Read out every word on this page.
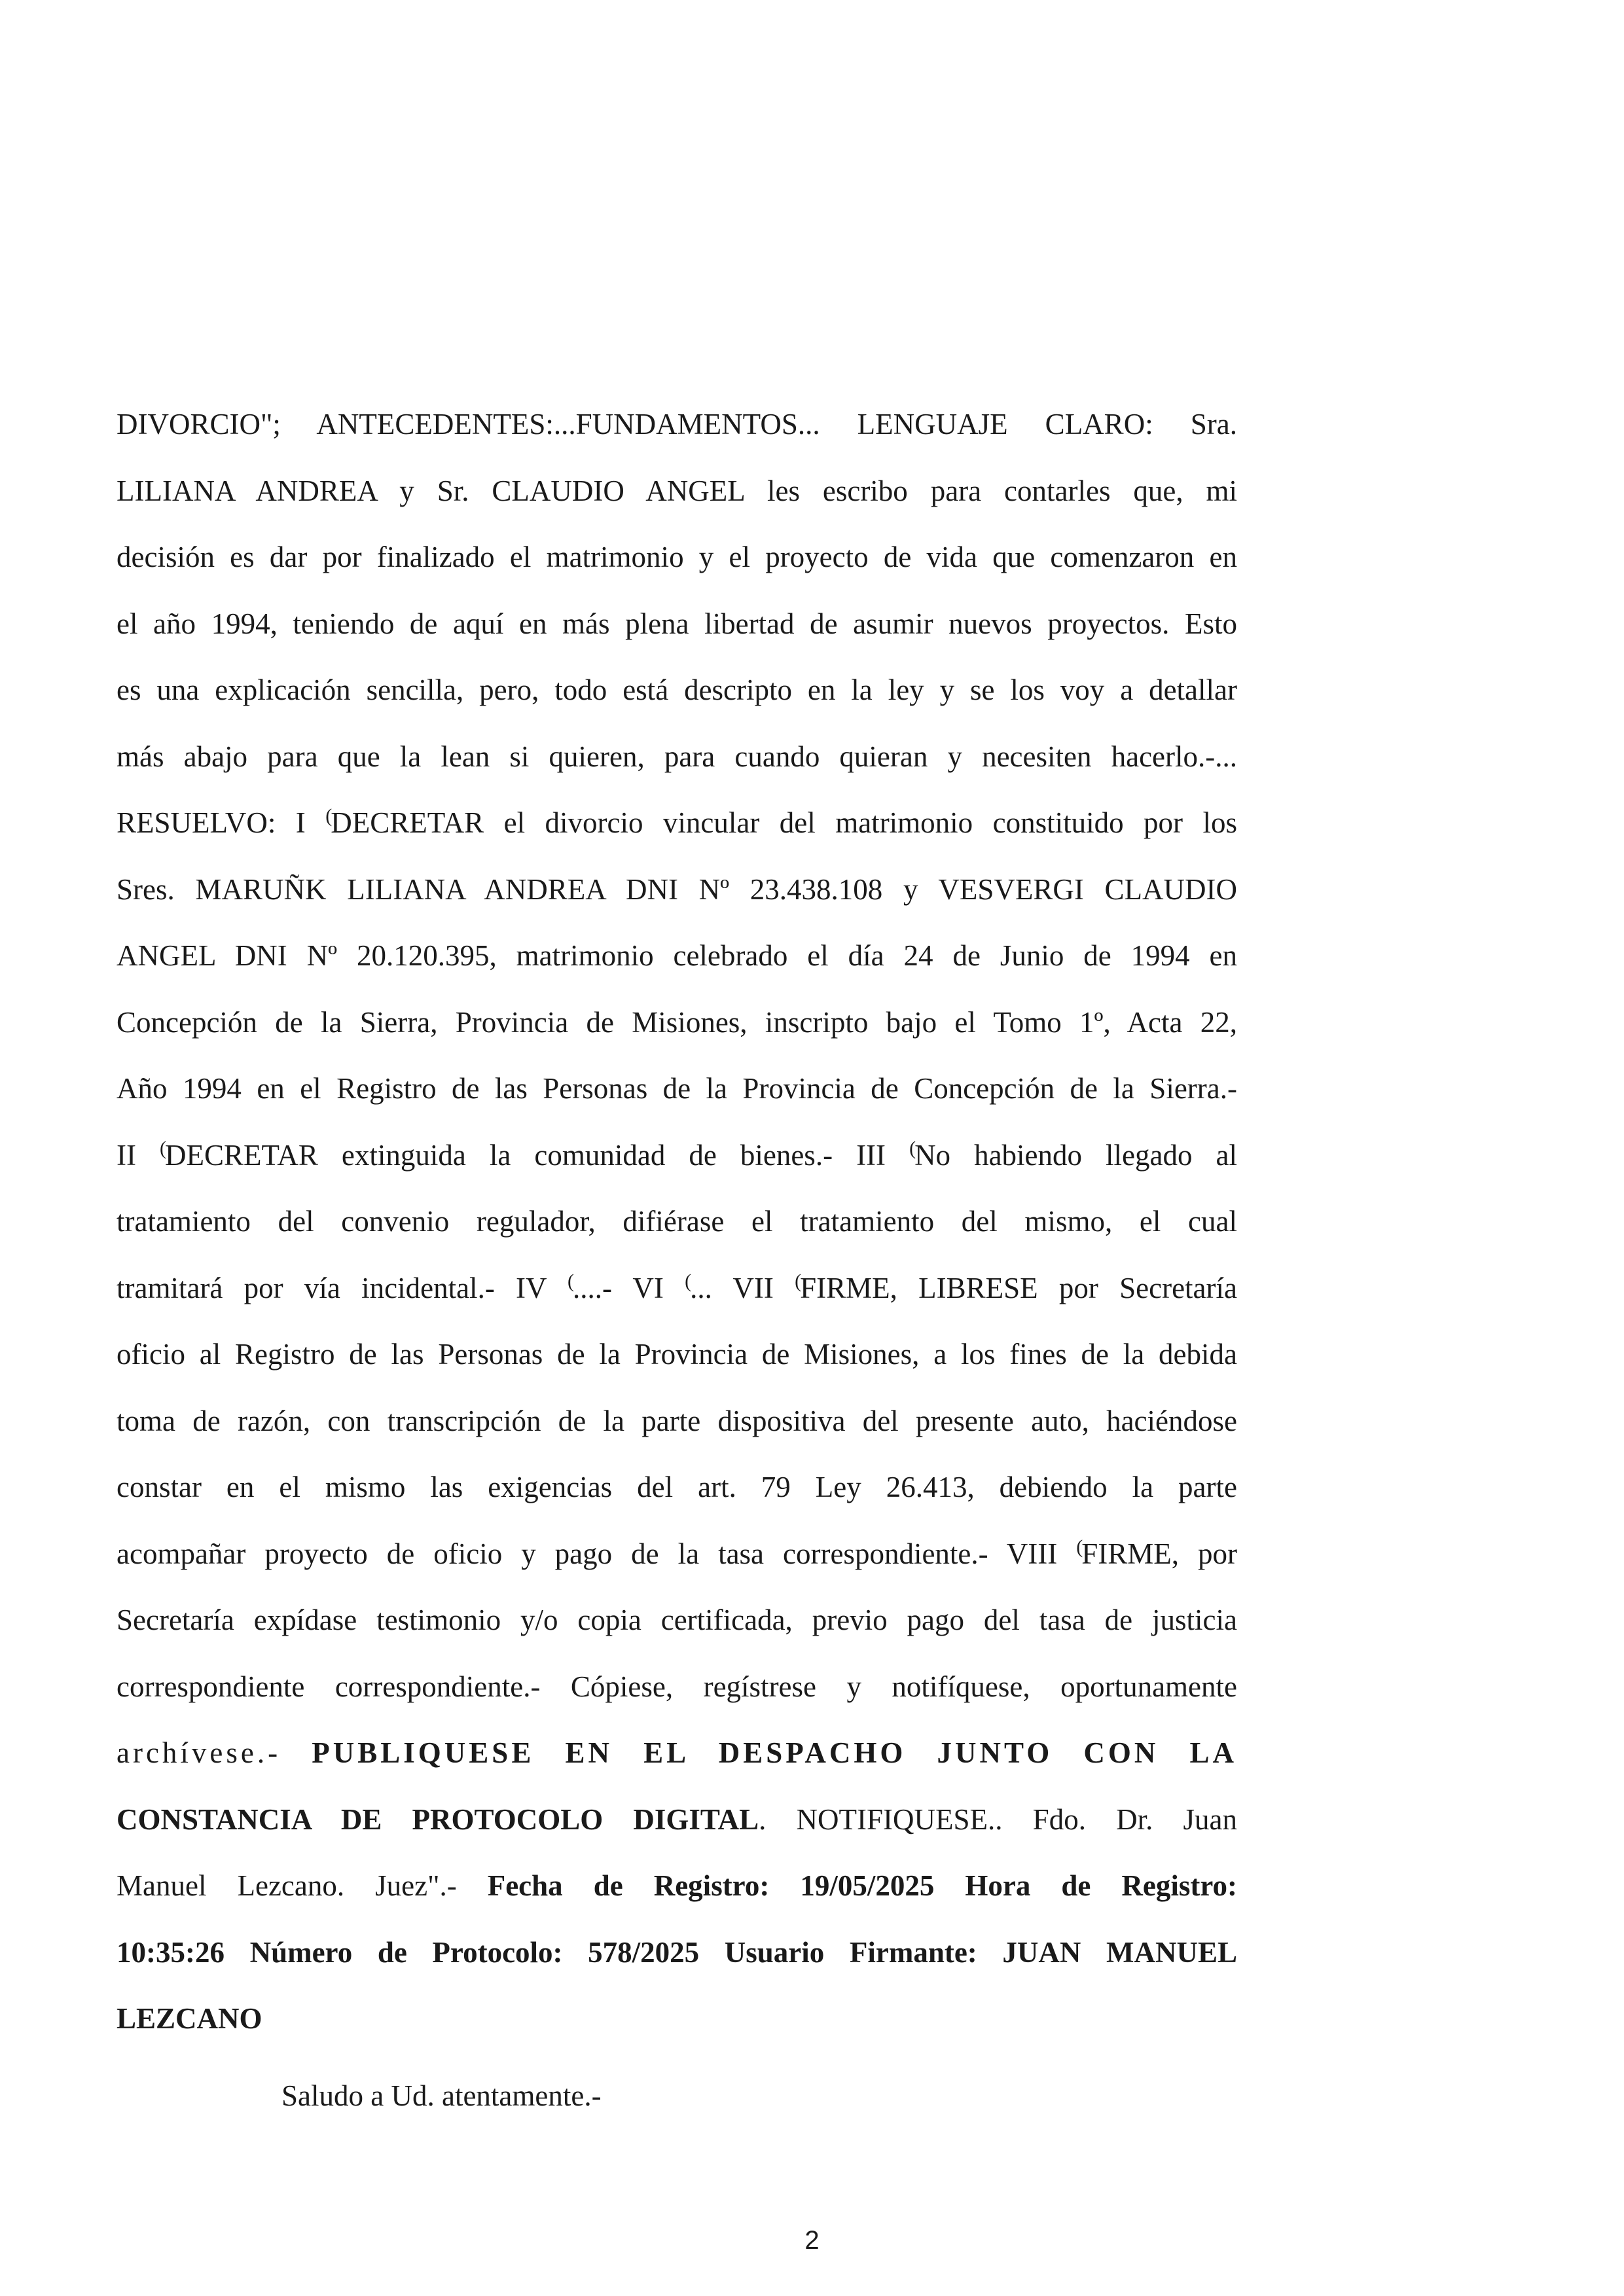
DIVORCIO"; ANTECEDENTES:...FUNDAMENTOS... LENGUAJE CLARO: Sra.
LILIANA ANDREA y Sr. CLAUDIO ANGEL les escribo para contarles que, mi
decisión es dar por finalizado el matrimonio y el proyecto de vida que comenzaron en
el año 1994, teniendo de aquí en más plena libertad de asumir nuevos proyectos. Esto
es una explicación sencilla, pero, todo está descripto en la ley y se los voy a detallar
más abajo para que la lean si quieren, para cuando quieran y necesiten hacerlo.-...
RESUELVO: I (DECRETAR el divorcio vincular del matrimonio constituido por los
Sres. MARUÑK LILIANA ANDREA DNI Nº 23.438.108 y VESVERGI CLAUDIO
ANGEL DNI Nº 20.120.395, matrimonio celebrado el día 24 de Junio de 1994 en
Concepción de la Sierra, Provincia de Misiones, inscripto bajo el Tomo 1º, Acta 22,
Año 1994 en el Registro de las Personas de la Provincia de Concepción de la Sierra.-
II (DECRETAR extinguida la comunidad de bienes.- III (No habiendo llegado al
tratamiento del convenio regulador, difiérase el tratamiento del mismo, el cual
tramitará por vía incidental.- IV (....- VI (... VII (FIRME, LIBRESE por Secretaría
oficio al Registro de las Personas de la Provincia de Misiones, a los fines de la debida
toma de razón, con transcripción de la parte dispositiva del presente auto, haciéndose
constar en el mismo las exigencias del art. 79 Ley 26.413, debiendo la parte
acompañar proyecto de oficio y pago de la tasa correspondiente.- VIII (FIRME, por
Secretaría expídase testimonio y/o copia certificada, previo pago del tasa de justicia
correspondiente correspondiente.- Cópiese, regístrese y notifíquese, oportunamente
archívese.- PUBLIQUESE EN EL DESPACHO JUNTO CON LA
CONSTANCIA DE PROTOCOLO DIGITAL. NOTIFIQUESE.. Fdo. Dr. Juan
Manuel Lezcano. Juez".- Fecha de Registro: 19/05/2025 Hora de Registro:
10:35:26 Número de Protocolo: 578/2025 Usuario Firmante: JUAN MANUEL
LEZCANO
Saludo a Ud. atentamente.-
2
